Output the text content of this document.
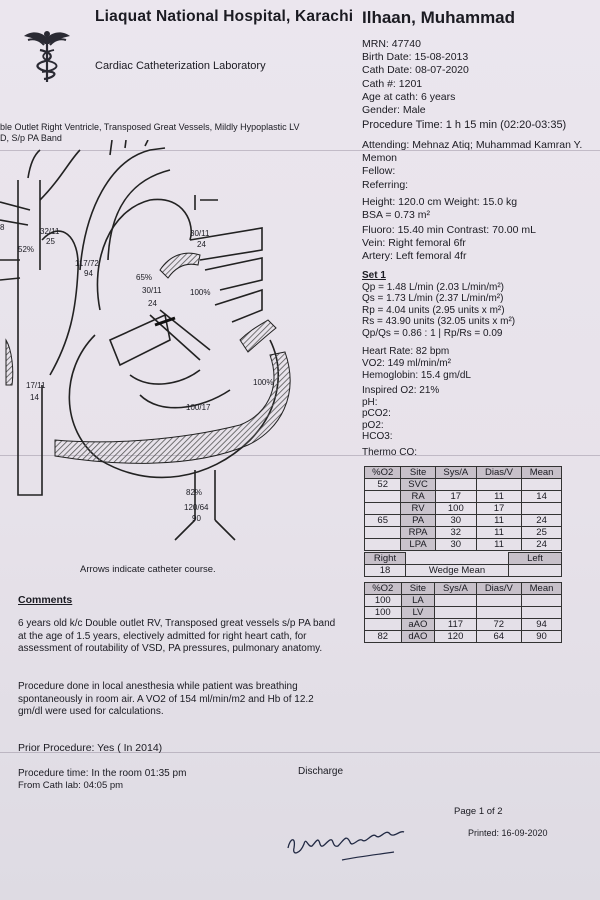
Liaquat National Hospital, Karachi
Cardiac Catheterization Laboratory
Ilhaan, Muhammad
MRN: 47740
Birth Date: 15-08-2013
Cath Date: 08-07-2020
Cath #: 1201
Age at cath: 6 years
Gender: Male
Procedure Time: 1 h 15 min (02:20-03:35)
Attending: Mehnaz Atiq; Muhammad Kamran Y.
Memon
Fellow:
Referring:
Height: 120.0 cm Weight: 15.0 kg
BSA = 0.73 m²
Fluoro: 15.40 min Contrast: 70.00 mL
Vein: Right femoral 6fr
Artery: Left femoral 4fr
Set 1
Qp = 1.48 L/min (2.03 L/min/m²)
Qs = 1.73 L/min (2.37 L/min/m²)
Rp = 4.04 units (2.95 units x m²)
Rs = 43.90 units (32.05 units x m²)
Qp/Qs = 0.86 : 1 | Rp/Rs = 0.09
Heart Rate: 82 bpm
VO2: 149 ml/min/m²
Hemoglobin: 15.4 gm/dL
Inspired O2: 21%
pH:
pCO2:
pO2:
HCO3:
Thermo CO:
%O2	Site	Sys/A	Dias/V	Mean
52	SVC			
	RA	17	11	14
	RV	100	17	
65	PA	30	11	24
	RPA	32	11	25
	LPA	30	11	24
Right		Left
18	Wedge Mean	
%O2	Site	Sys/A	Dias/V	Mean
100	LA			
100	LV			
	aAO	117	72	94
82	dAO	120	64	90
ble Outlet Right Ventricle, Transposed Great Vessels, Mildly Hypoplastic LV
D, S/p PA Band
8
52%
32/11
25
117/72
94	65%
30/11
24
30/11
24
100%
17/11
14
100%
100/17
82%
120/64
90
Arrows indicate catheter course.
Comments
6 years old k/c Double outlet RV, Transposed great vessels s/p PA band at the age of 1.5 years, electively admitted for right heart cath, for assessment of routability of VSD, PA pressures, pulmonary anatomy.
Procedure done in local anesthesia while patient was breathing spontaneously in room air. A VO2 of 154 ml/min/m2 and Hb of 12.2 gm/dl were used for calculations.
Prior Procedure: Yes ( In 2014)
Procedure time: In the room 01:35 pm
From Cath lab: 04:05 pm
Discharge
Page 1 of 2
Printed: 16-09-2020
